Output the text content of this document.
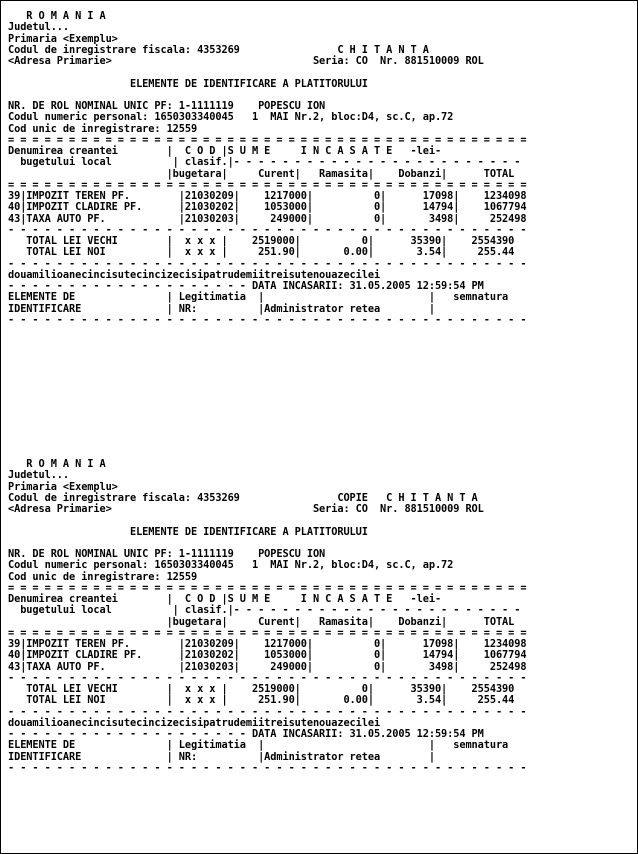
R O M A N I A
Judetul...
Primaria <Exemplu>
Codul de inregistrare fiscala: 4353269                C H I T A N T A
<Adresa Primarie>                                 Seria: CO  Nr. 881510009 ROL

ELEMENTE DE IDENTIFICARE A PLATITORULUI

NR. DE ROL NOMINAL UNIC PF: 1-1111119    POPESCU ION
Codul numeric personal: 1650303340045   1  MAI Nr.2, bloc:D4, sc.C, ap.72
Cod unic de inregistrare: 12559
= = = = = = = = = = = = = = = = = = = = = = = = = = = = = = = = = = = = = = = = = = =
Denumirea creantei        |  C O D |S U M E     I N C A S A T E   -lei-
bugetului local          | clasif.|- - - - - - - - - - - - - - - - - - - - - - - -
|bugetara|     Curent|   Ramasita|    Dobanzi|      TOTAL
= = = = = = = = = = = = = = = = = = = = = = = = = = = = = = = = = = = = = = = = = = =
39|IMPOZIT TEREN PF.        |21030209|    1217000|          0|      17098|    1234098
40|IMPOZIT CLADIRE PF.      |21030202|    1053000|          0|      14794|    1067794
43|TAXA AUTO PF.            |21030203|     249000|          0|       3498|     252498
- - - - - - - - - - - - - - - - - - - - - - - - - - - - - - - - - - - - - - - - - - -
TOTAL LEI VECHI        |  x x x |    2519000|          0|      35390|    2554390
TOTAL LEI NOI          |  x x x |     251.90|       0.00|       3.54|     255.44
- - - - - - - - - - - - - - - - - - - - - - - - - - - - - - - - - - - - - - - - - - -
douamilioanecincisutecincizecisipatrudemiitreisutenouazecilei
- - - - - - - - - - - - - - - - - - - - DATA INCASARII: 31.05.2005 12:59:54 PM
ELEMENTE DE               | Legitimatia  |                           |   semnatura
IDENTIFICARE              | NR:          |Administrator retea        |
- - - - - - - - - - - - - - - - - - - - - - - - - - - - - - - - - - - - - - - - - - -
R O M A N I A
Judetul...
Primaria <Exemplu>
Codul de inregistrare fiscala: 4353269                COPIE   C H I T A N T A
<Adresa Primarie>                                 Seria: CO  Nr. 881510009 ROL

ELEMENTE DE IDENTIFICARE A PLATITORULUI

NR. DE ROL NOMINAL UNIC PF: 1-1111119    POPESCU ION
Codul numeric personal: 1650303340045   1  MAI Nr.2, bloc:D4, sc.C, ap.72
Cod unic de inregistrare: 12559
= = = = = = = = = = = = = = = = = = = = = = = = = = = = = = = = = = = = = = = = = = =
Denumirea creantei        |  C O D |S U M E     I N C A S A T E   -lei-
bugetului local          | clasif.|- - - - - - - - - - - - - - - - - - - - - - - -
|bugetara|     Curent|   Ramasita|    Dobanzi|      TOTAL
= = = = = = = = = = = = = = = = = = = = = = = = = = = = = = = = = = = = = = = = = = =
39|IMPOZIT TEREN PF.        |21030209|    1217000|          0|      17098|    1234098
40|IMPOZIT CLADIRE PF.      |21030202|    1053000|          0|      14794|    1067794
43|TAXA AUTO PF.            |21030203|     249000|          0|       3498|     252498
- - - - - - - - - - - - - - - - - - - - - - - - - - - - - - - - - - - - - - - - - - -
TOTAL LEI VECHI        |  x x x |    2519000|          0|      35390|    2554390
TOTAL LEI NOI          |  x x x |     251.90|       0.00|       3.54|     255.44
- - - - - - - - - - - - - - - - - - - - - - - - - - - - - - - - - - - - - - - - - - -
douamilioanecincisutecincizecisipatrudemiitreisutenouazecilei
- - - - - - - - - - - - - - - - - - - - DATA INCASARII: 31.05.2005 12:59:54 PM
ELEMENTE DE               | Legitimatia  |                           |   semnatura
IDENTIFICARE              | NR:          |Administrator retea        |
- - - - - - - - - - - - - - - - - - - - - - - - - - - - - - - - - - - - - - - - - - -
